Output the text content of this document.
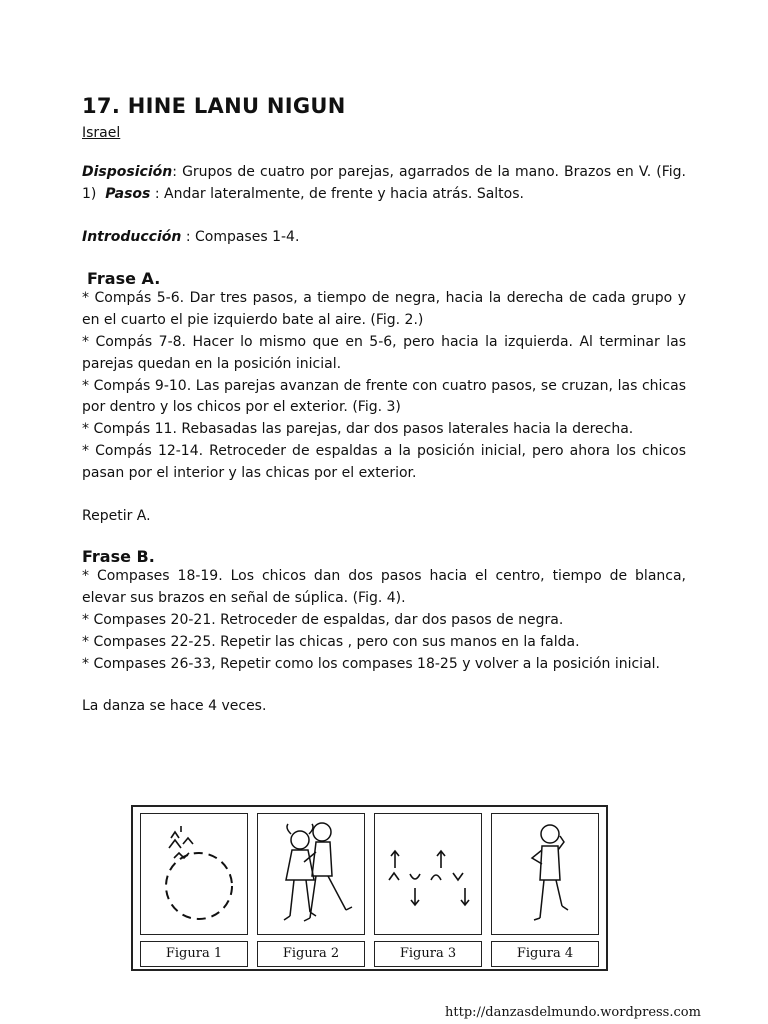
17. HINE LANU NIGUN
Israel

Disposición: Grupos de cuatro por parejas, agarrados de la mano. Brazos en V. (Fig. 1) Pasos : Andar lateralmente, de frente y hacia atrás. Saltos.

Introducción : Compases 1-4.

Frase A.

* Compás 5-6. Dar tres pasos, a tiempo de negra, hacia la derecha de cada grupo y en el cuarto el pie izquierdo bate al aire. (Fig. 2.)

* Compás 7-8. Hacer lo mismo que en 5-6, pero hacia la izquierda. Al terminar las parejas quedan en la posición inicial.

* Compás 9-10. Las parejas avanzan de frente con cuatro pasos, se cruzan, las chicas por dentro y los chicos por el exterior. (Fig. 3)

* Compás 11. Rebasadas las parejas, dar dos pasos laterales hacia la derecha.

* Compás 12-14. Retroceder de espaldas a la posición inicial, pero ahora los chicos pasan por el interior y las chicas por el exterior.

Repetir A.

Frase B.

* Compases 18-19. Los chicos dan dos pasos hacia el centro, tiempo de blanca, elevar sus brazos en señal de súplica. (Fig. 4).

* Compases 20-21. Retroceder de espaldas, dar dos pasos de negra.

* Compases 22-25. Repetir las chicas , pero con sus manos en la falda.

* Compases 26-33, Repetir como los compases 18-25 y volver a la posición inicial.

La danza se hace 4 veces.

Figura 1	Figura 2	Figura 3	Figura 4
http://danzasdelmundo.wordpress.com
